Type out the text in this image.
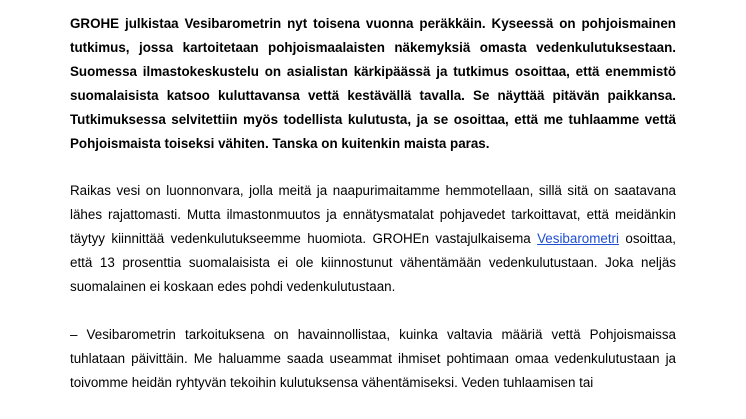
GROHE julkistaa Vesibarometrin nyt toisena vuonna peräkkäin. Kyseessä on pohjoismainen tutkimus, jossa kartoitetaan pohjoismaalaisten näkemyksiä omasta vedenkulutuksestaan. Suomessa ilmastokeskustelu on asialistan kärkipäässä ja tutkimus osoittaa, että enemmistö suomalaisista katsoo kuluttavansa vettä kestävällä tavalla. Se näyttää pitävän paikkansa. Tutkimuksessa selvitettiin myös todellista kulutusta, ja se osoittaa, että me tuhlaamme vettä Pohjoismaista toiseksi vähiten. Tanska on kuitenkin maista paras.

Raikas vesi on luonnonvara, jolla meitä ja naapurimaitamme hemmotellaan, sillä sitä on saatavana lähes rajattomasti. Mutta ilmastonmuutos ja ennätysmatalat pohjavedet tarkoittavat, että meidänkin täytyy kiinnittää vedenkulutukseemme huomiota. GROHEn vastajulkaisema Vesibarometri osoittaa, että 13 prosenttia suomalaisista ei ole kiinnostunut vähentämään vedenkulutustaan. Joka neljäs suomalainen ei koskaan edes pohdi vedenkulutustaan.

– Vesibarometrin tarkoituksena on havainnollistaa, kuinka valtavia määriä vettä Pohjoismaissa tuhlataan päivittäin. Me haluamme saada useammat ihmiset pohtimaan omaa vedenkulutustaan ja toivomme heidän ryhtyvän tekoihin kulutuksensa vähentämiseksi. Veden tuhlaamisen tai
